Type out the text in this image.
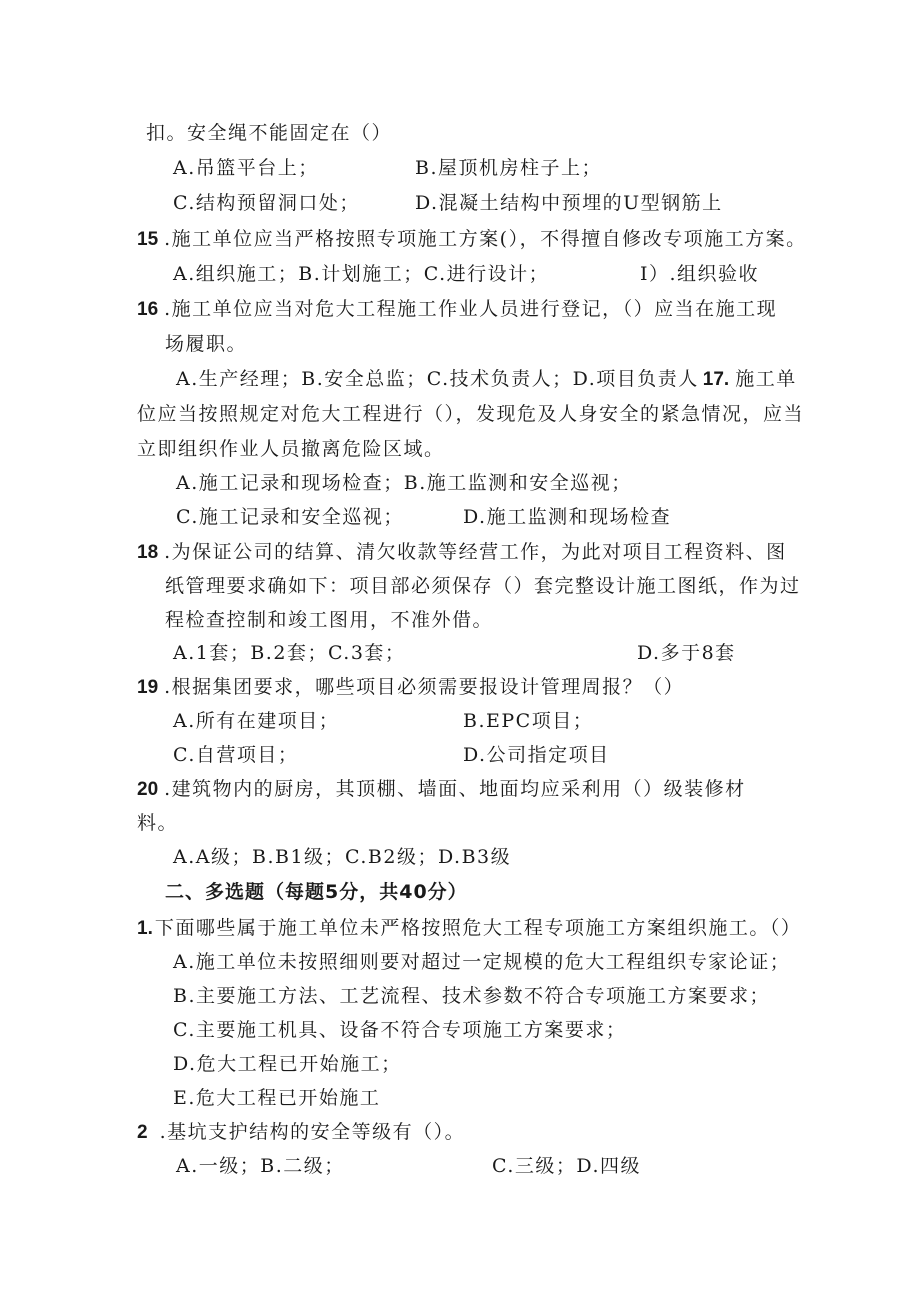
扣。安全绳不能固定在（）
A.吊篮平台上；	B.屋顶机房柱子上；
C.结构预留洞口处；	D.混凝土结构中预埋的U型钢筋上
15 .施工单位应当严格按照专项施工方案(），不得擅自修改专项施工方案。
A.组织施工；B.计划施工；C.进行设计；	I）.组织验收
16 .施工单位应当对危大工程施工作业人员进行登记，（）应当在施工现
场履职。
A.生产经理；B.安全总监；C.技术负责人；D.项目负责人 17. 施工单
位应当按照规定对危大工程进行（），发现危及人身安全的紧急情况，应当
立即组织作业人员撤离危险区域。
A.施工记录和现场检查；B.施工监测和安全巡视；
C.施工记录和安全巡视；	D.施工监测和现场检查
18 .为保证公司的结算、清欠收款等经营工作，为此对项目工程资料、图
纸管理要求确如下：项目部必须保存（）套完整设计施工图纸，作为过
程检查控制和竣工图用，不准外借。
A.1套；B.2套；C.3套；	D.多于8套
19 .根据集团要求，哪些项目必须需要报设计管理周报？（）
A.所有在建项目；	B.EPC项目；
C.自营项目；	D.公司指定项目
20 .建筑物内的厨房，其顶棚、墙面、地面均应采利用（）级装修材
料。
A.A级；B.B1级；C.B2级；D.B3级
二、多选题（每题5分，共40分）
1. 下面哪些属于施工单位未严格按照危大工程专项施工方案组织施工。（）
A.施工单位未按照细则要对超过一定规模的危大工程组织专家论证；
B.主要施工方法、工艺流程、技术参数不符合专项施工方案要求；
C.主要施工机具、设备不符合专项施工方案要求；
D.危大工程已开始施工；
E.危大工程已开始施工
2 .基坑支护结构的安全等级有（）。
A.一级；B.二级；	C.三级；D.四级
